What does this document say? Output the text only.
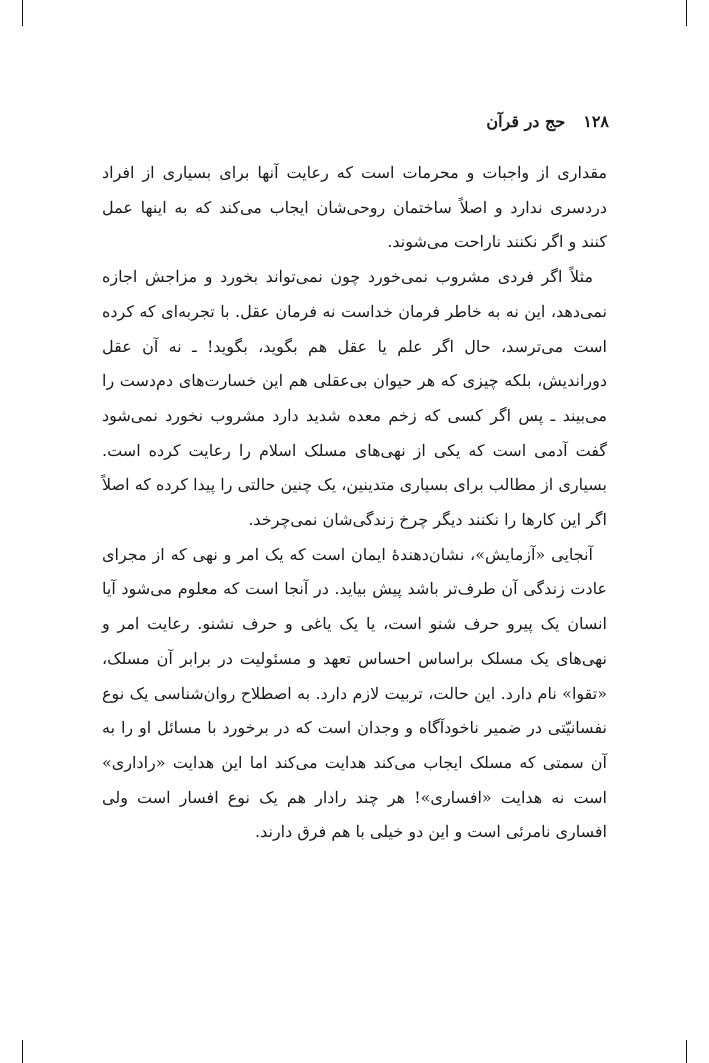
۱۲۸
حج در قرآن

مقداری از واجبات و محرمات است که رعایت آنها برای بسیاری از افراد دردسری ندارد و اصلاً ساختمان روحی‌شان ایجاب می‌کند که به اینها عمل کنند و اگر نکنند ناراحت می‌شوند.

مثلاً اگر فردی مشروب نمی‌خورد چون نمی‌تواند بخورد و مزاجش اجازه نمی‌دهد، این نه به خاطر فرمان خداست نه فرمان عقل. با تجربه‌ای که کرده است می‌ترسد، حال اگر علم یا عقل هم بگوید، بگوید! ـ نه آن عقل دوراندیش، بلکه چیزی که هر حیوان بی‌عقلی هم این خسارت‌های دم‌دست را می‌بیند ـ پس اگر کسی که زخم معده شدید دارد مشروب نخورد نمی‌شود گفت آدمی است که یکی از نهی‌های مسلک اسلام را رعایت کرده است. بسیاری از مطالب برای بسیاری متدینین، یک چنین حالتی را پیدا کرده که اصلاً اگر این کارها را نکنند دیگر چرخ زندگی‌شان نمی‌چرخد.

آنجایی «آزمایش»، نشان‌دهندهٔ ایمان است که یک امر و نهی که از مجرای عادت زندگی آن طرف‌تر باشد پیش بیاید. در آنجا است که معلوم می‌شود آیا انسان یک پیرو حرف شنو است، یا یک یاغی و حرف نشنو. رعایت امر و نهی‌های یک مسلک براساس احساس تعهد و مسئولیت در برابر آن مسلک، «تقوا» نام دارد. این حالت، تربیت لازم دارد. به اصطلاح روان‌شناسی یک نوع نفسانیّتی در ضمیر ناخودآگاه و وجدان است که در برخورد با مسائل او را به آن سمتی که مسلک ایجاب می‌کند هدایت می‌کند اما این هدایت «راداری» است نه هدایت «افساری»! هر چند رادار هم یک نوع افسار است ولی افساری نامرئی است و این دو خیلی با هم فرق دارند.
